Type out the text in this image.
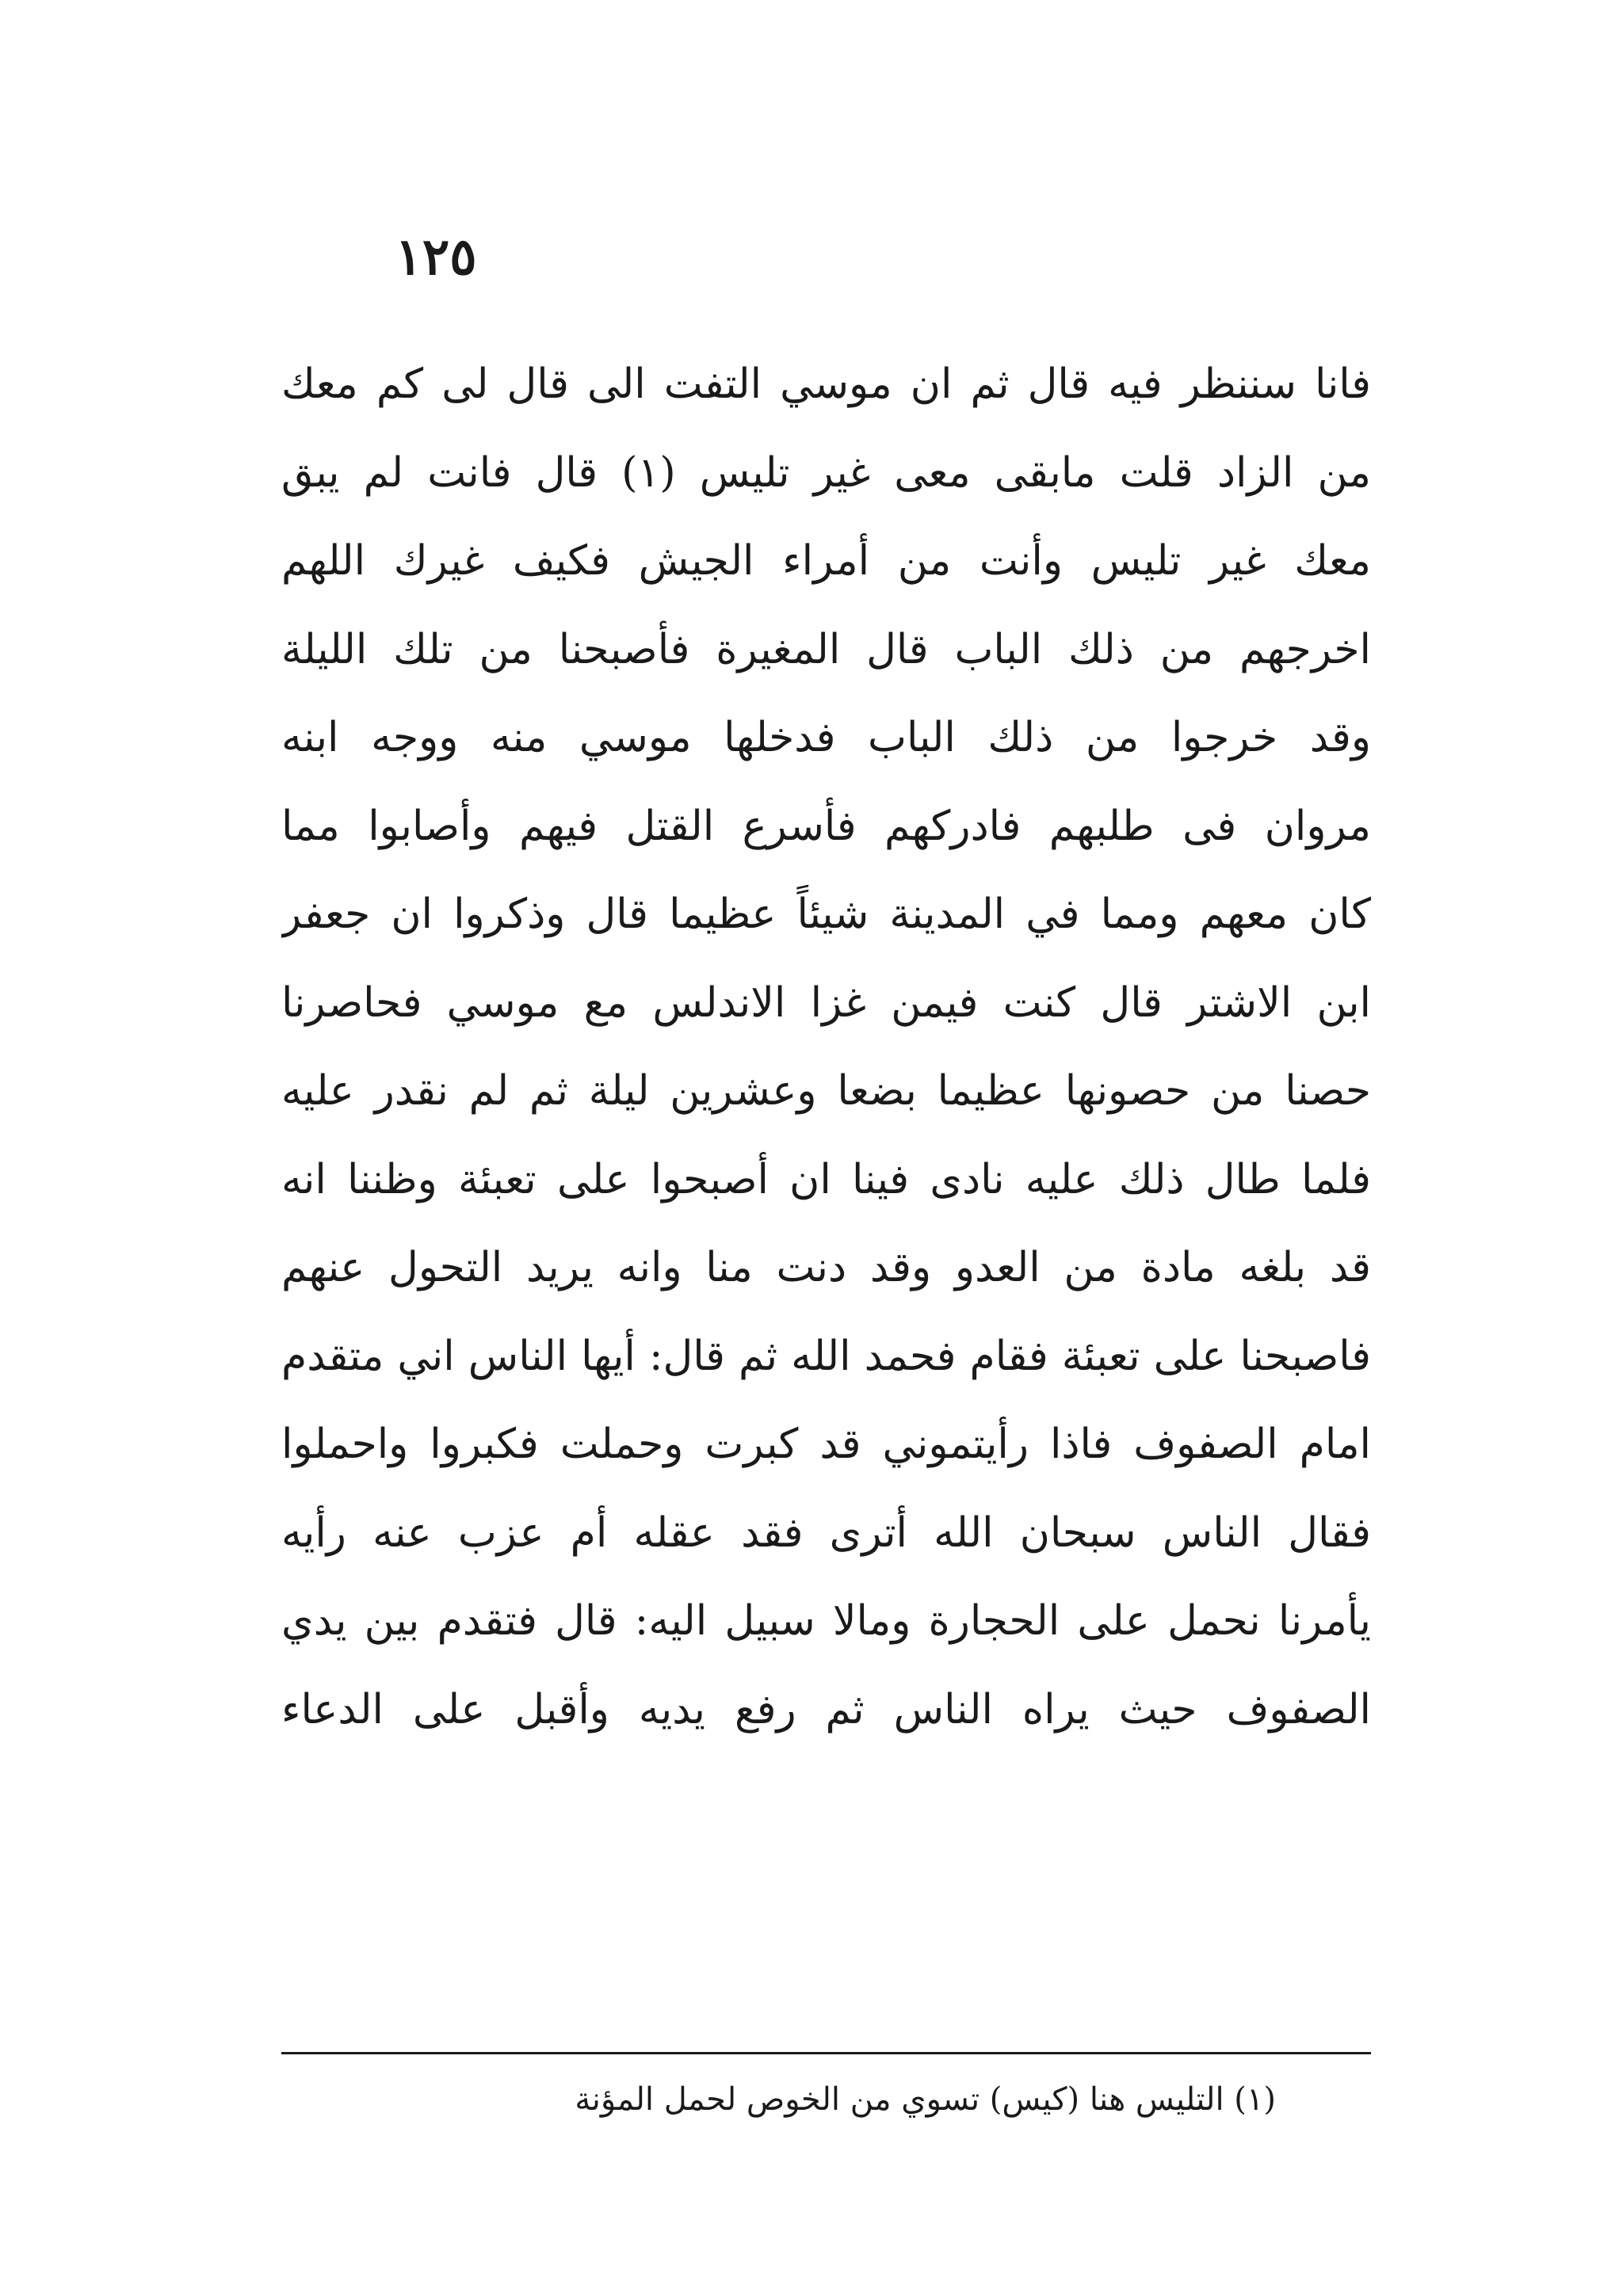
١٢٥
فانا سننظر فيه قال ثم ان موسي التفت الى قال لى كم معك
من الزاد قلت مابقى معى غير تليس (١) قال فانت لم يبق
معك غير تليس وأنت من أمراء الجيش فكيف غيرك اللهم
اخرجهم من ذلك الباب قال المغيرة فأصبحنا من تلك الليلة
وقد خرجوا من ذلك الباب فدخلها موسي منه ووجه ابنه
مروان فى طلبهم فادركهم فأسرع القتل فيهم وأصابوا مما
كان معهم ومما في المدينة شيئاً عظيما قال وذكروا ان جعفر
ابن الاشتر قال كنت فيمن غزا الاندلس مع موسي فحاصرنا
حصنا من حصونها عظيما بضعا وعشرين ليلة ثم لم نقدر عليه
فلما طال ذلك عليه نادى فينا ان أصبحوا على تعبئة وظننا انه
قد بلغه مادة من العدو وقد دنت منا وانه يريد التحول عنهم
فاصبحنا على تعبئة فقام فحمد الله ثم قال: أيها الناس اني متقدم
امام الصفوف فاذا رأيتموني قد كبرت وحملت فكبروا واحملوا
فقال الناس سبحان الله أترى فقد عقله أم عزب عنه رأيه
يأمرنا نحمل على الحجارة ومالا سبيل اليه: قال فتقدم بين يدي
الصفوف حيث يراه الناس ثم رفع يديه وأقبل على الدعاء
(١) التليس هنا (كيس) تسوي من الخوص لحمل المؤنة
